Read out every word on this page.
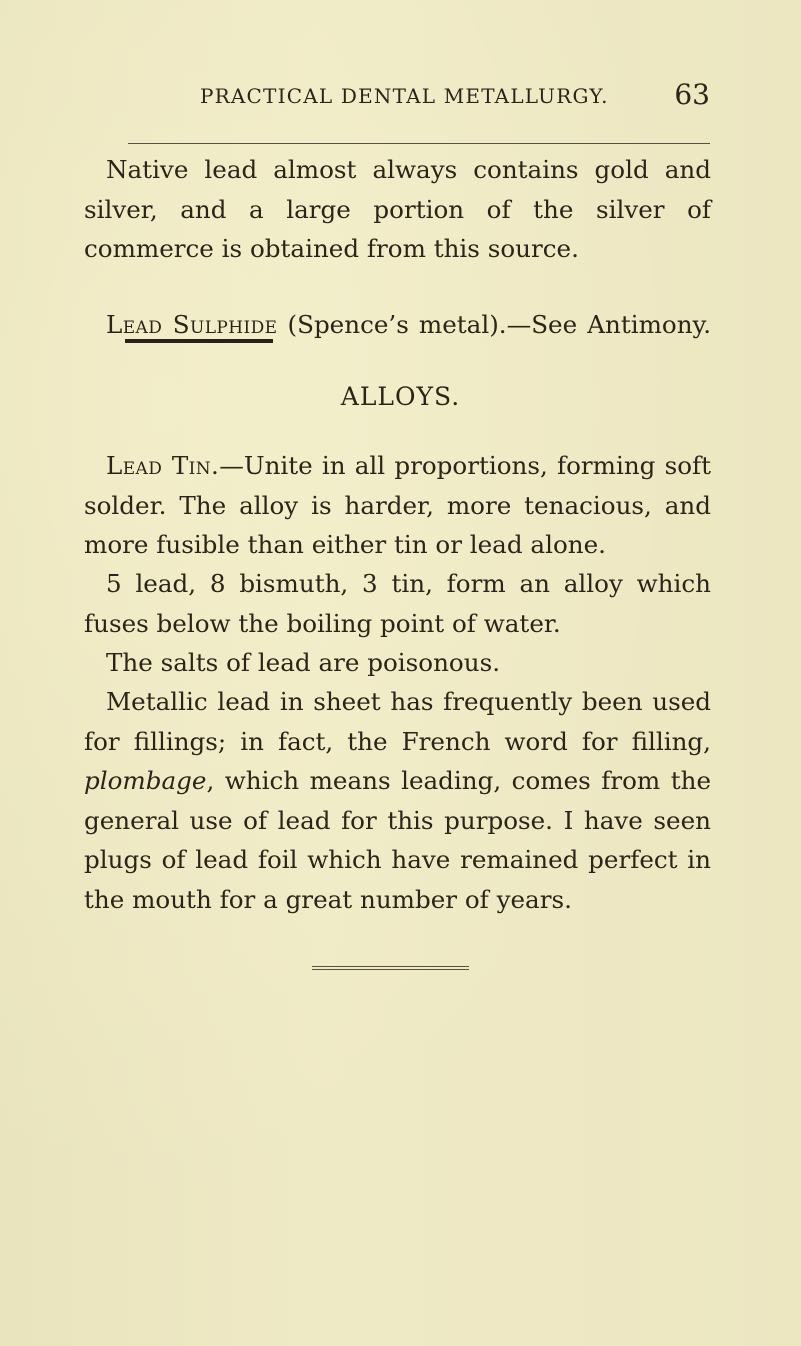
PRACTICAL DENTAL METALLURGY. 63

Native lead almost always contains gold and silver, and a large portion of the silver of commerce is obtained from this source.

Lead Sulphide (Spence’s metal).—See Antimony.

ALLOYS.

Lead Tin.—Unite in all proportions, forming soft solder. The alloy is harder, more tenacious, and more fusible than either tin or lead alone.

5 lead, 8 bismuth, 3 tin, form an alloy which fuses below the boiling point of water.

The salts of lead are poisonous.

Metallic lead in sheet has frequently been used for fillings; in fact, the French word for filling, plombage, which means leading, comes from the general use of lead for this purpose. I have seen plugs of lead foil which have remained perfect in the mouth for a great number of years.
